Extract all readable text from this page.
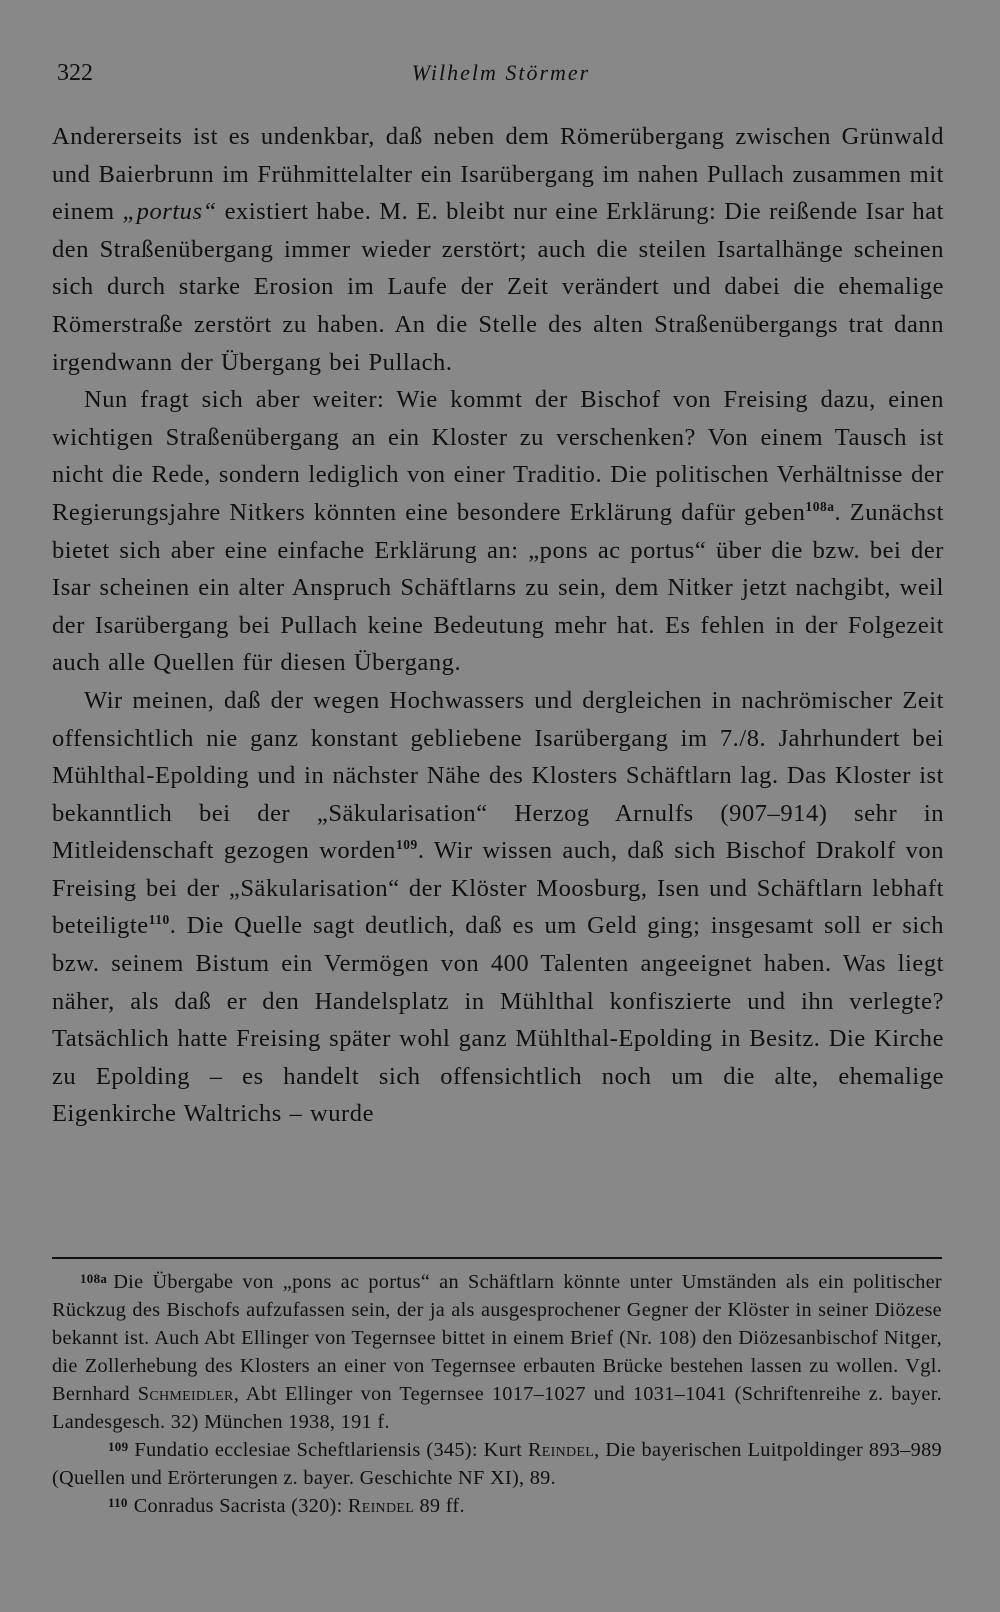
322	Wilhelm Störmer

Andererseits ist es undenkbar, daß neben dem Römerübergang zwischen Grünwald und Baierbrunn im Frühmittelalter ein Isarübergang im nahen Pullach zusammen mit einem „portus“ existiert habe. M. E. bleibt nur eine Erklärung: Die reißende Isar hat den Straßenübergang immer wieder zerstört; auch die steilen Isartalhänge scheinen sich durch starke Erosion im Laufe der Zeit verändert und dabei die ehemalige Römerstraße zerstört zu haben. An die Stelle des alten Straßenübergangs trat dann irgendwann der Übergang bei Pullach.

Nun fragt sich aber weiter: Wie kommt der Bischof von Freising dazu, einen wichtigen Straßenübergang an ein Kloster zu verschenken? Von einem Tausch ist nicht die Rede, sondern lediglich von einer Traditio. Die politischen Verhältnisse der Regierungsjahre Nitkers könnten eine besondere Erklärung dafür geben$^{108a}$. Zunächst bietet sich aber eine einfache Erklärung an: „pons ac portus“ über die bzw. bei der Isar scheinen ein alter Anspruch Schäftlarns zu sein, dem Nitker jetzt nachgibt, weil der Isarübergang bei Pullach keine Bedeutung mehr hat. Es fehlen in der Folgezeit auch alle Quellen für diesen Übergang.

Wir meinen, daß der wegen Hochwassers und dergleichen in nachrömischer Zeit offensichtlich nie ganz konstant gebliebene Isarübergang im 7./8. Jahrhundert bei Mühlthal-Epolding und in nächster Nähe des Klosters Schäftlarn lag. Das Kloster ist bekanntlich bei der „Säkularisation“ Herzog Arnulfs (907–914) sehr in Mitleidenschaft gezogen worden$^{109}$. Wir wissen auch, daß sich Bischof Drakolf von Freising bei der „Säkularisation“ der Klöster Moosburg, Isen und Schäftlarn lebhaft beteiligte$^{110}$. Die Quelle sagt deutlich, daß es um Geld ging; insgesamt soll er sich bzw. seinem Bistum ein Vermögen von 400 Talenten angeeignet haben. Was liegt näher, als daß er den Handelsplatz in Mühlthal konfiszierte und ihn verlegte? Tatsächlich hatte Freising später wohl ganz Mühlthal-Epolding in Besitz. Die Kirche zu Epolding – es handelt sich offensichtlich noch um die alte, ehemalige Eigenkirche Waltrichs – wurde

108a Die Übergabe von „pons ac portus“ an Schäftlarn könnte unter Umständen als ein politischer Rückzug des Bischofs aufzufassen sein, der ja als ausgesprochener Gegner der Klöster in seiner Diözese bekannt ist. Auch Abt Ellinger von Tegernsee bittet in einem Brief (Nr. 108) den Diözesanbischof Nitger, die Zollerhebung des Klosters an einer von Tegernsee erbauten Brücke bestehen lassen zu wollen. Vgl. Bernhard Schmeidler, Abt Ellinger von Tegernsee 1017–1027 und 1031–1041 (Schriftenreihe z. bayer. Landesgesch. 32) München 1938, 191 f.

109 Fundatio ecclesiae Scheftlariensis (345): Kurt Reindel, Die bayerischen Luitpoldinger 893–989 (Quellen und Erörterungen z. bayer. Geschichte NF XI), 89.

110 Conradus Sacrista (320): Reindel 89 ff.
